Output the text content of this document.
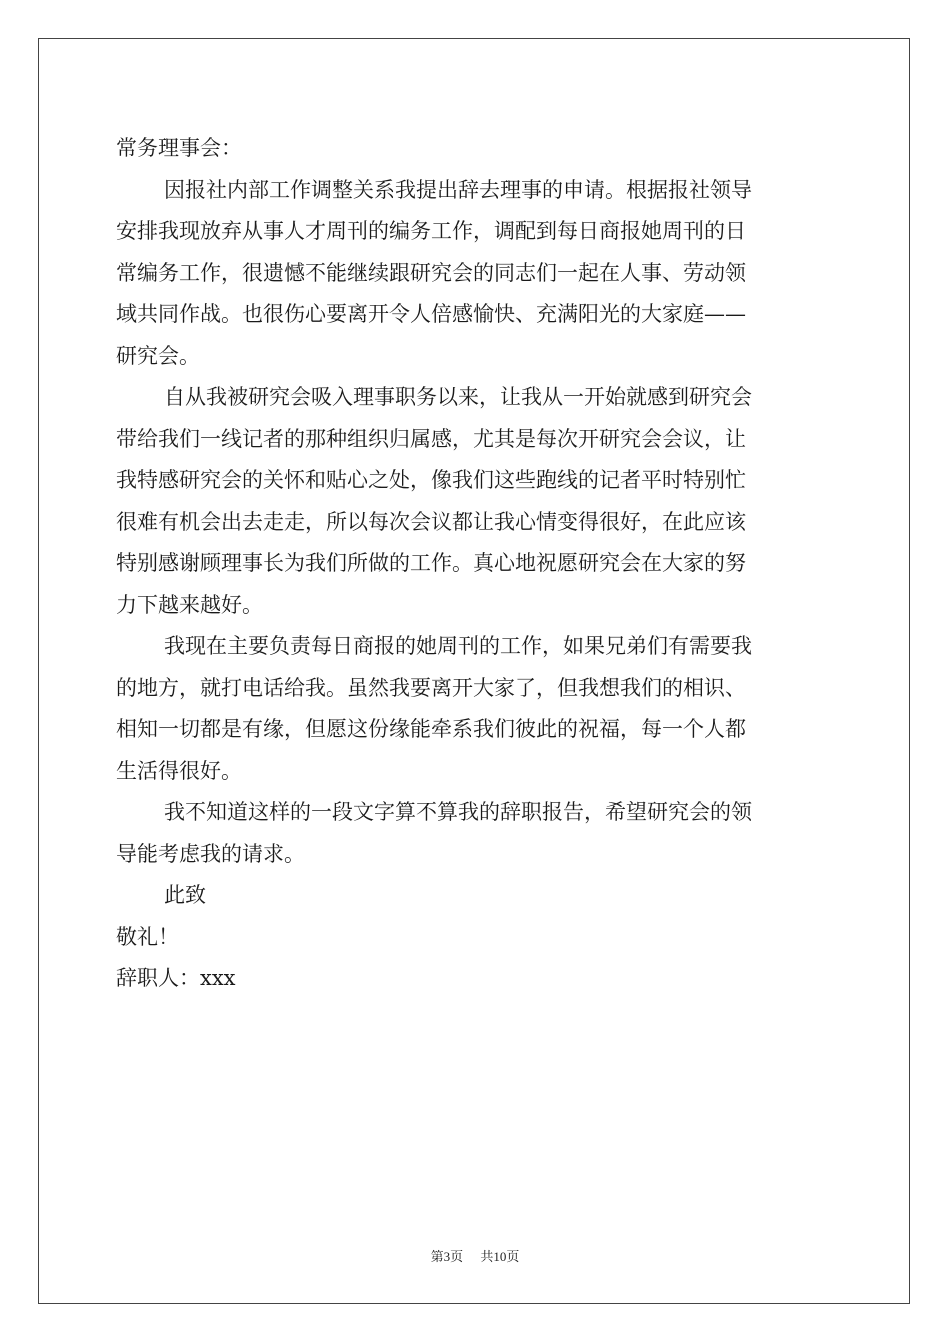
常务理事会：
因报社内部工作调整关系我提出辞去理事的申请。根据报社领导
安排我现放弃从事人才周刊的编务工作，调配到每日商报她周刊的日
常编务工作，很遗憾不能继续跟研究会的同志们一起在人事、劳动领
域共同作战。也很伤心要离开令人倍感愉快、充满阳光的大家庭——
研究会。
自从我被研究会吸入理事职务以来，让我从一开始就感到研究会
带给我们一线记者的那种组织归属感，尤其是每次开研究会会议，让
我特感研究会的关怀和贴心之处，像我们这些跑线的记者平时特别忙
很难有机会出去走走，所以每次会议都让我心情变得很好，在此应该
特别感谢顾理事长为我们所做的工作。真心地祝愿研究会在大家的努
力下越来越好。
我现在主要负责每日商报的她周刊的工作，如果兄弟们有需要我
的地方，就打电话给我。虽然我要离开大家了，但我想我们的相识、
相知一切都是有缘，但愿这份缘能牵系我们彼此的祝福，每一个人都
生活得很好。
我不知道这样的一段文字算不算我的辞职报告，希望研究会的领
导能考虑我的请求。
此致
敬礼！
辞职人：xxx
第3页 共10页
